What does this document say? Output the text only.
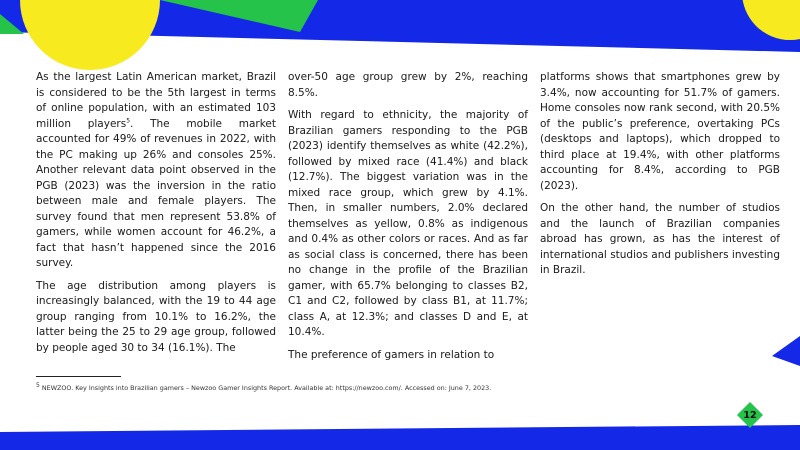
As the largest Latin American market, Brazil is considered to be the 5th largest in terms of online population, with an estimated 103 million players$^5$. The mobile market accounted for 49% of revenues in 2022, with the PC making up 26% and consoles 25%. Another relevant data point observed in the PGB (2023) was the inversion in the ratio between male and female players. The survey found that men represent 53.8% of gamers, while women account for 46.2%, a fact that hasn’t happened since the 2016 survey.

The age distribution among players is increasingly balanced, with the 19 to 44 age group ranging from 10.1% to 16.2%, the latter being the 25 to 29 age group, followed by people aged 30 to 34 (16.1%). The

over-50 age group grew by 2%, reaching 8.5%.

With regard to ethnicity, the majority of Brazilian gamers responding to the PGB (2023) identify themselves as white (42.2%), followed by mixed race (41.4%) and black (12.7%). The biggest variation was in the mixed race group, which grew by 4.1%. Then, in smaller numbers, 2.0% declared themselves as yellow, 0.8% as indigenous and 0.4% as other colors or races. And as far as social class is concerned, there has been no change in the profile of the Brazilian gamer, with 65.7% belonging to classes B2, C1 and C2, followed by class B1, at 11.7%; class A, at 12.3%; and classes D and E, at 10.4%.

The preference of gamers in relation to

platforms shows that smartphones grew by 3.4%, now accounting for 51.7% of gamers. Home consoles now rank second, with 20.5% of the public’s preference, overtaking PCs (desktops and laptops), which dropped to third place at 19.4%, with other platforms accounting for 8.4%, according to PGB (2023).

On the other hand, the number of studios and the launch of Brazilian companies abroad has grown, as has the interest of international studios and publishers investing in Brazil.

$^5$ NEWZOO. Key Insights into Brazilian gamers – Newzoo Gamer Insights Report. Available at: https://newzoo.com/. Accessed on: June 7, 2023.
12
